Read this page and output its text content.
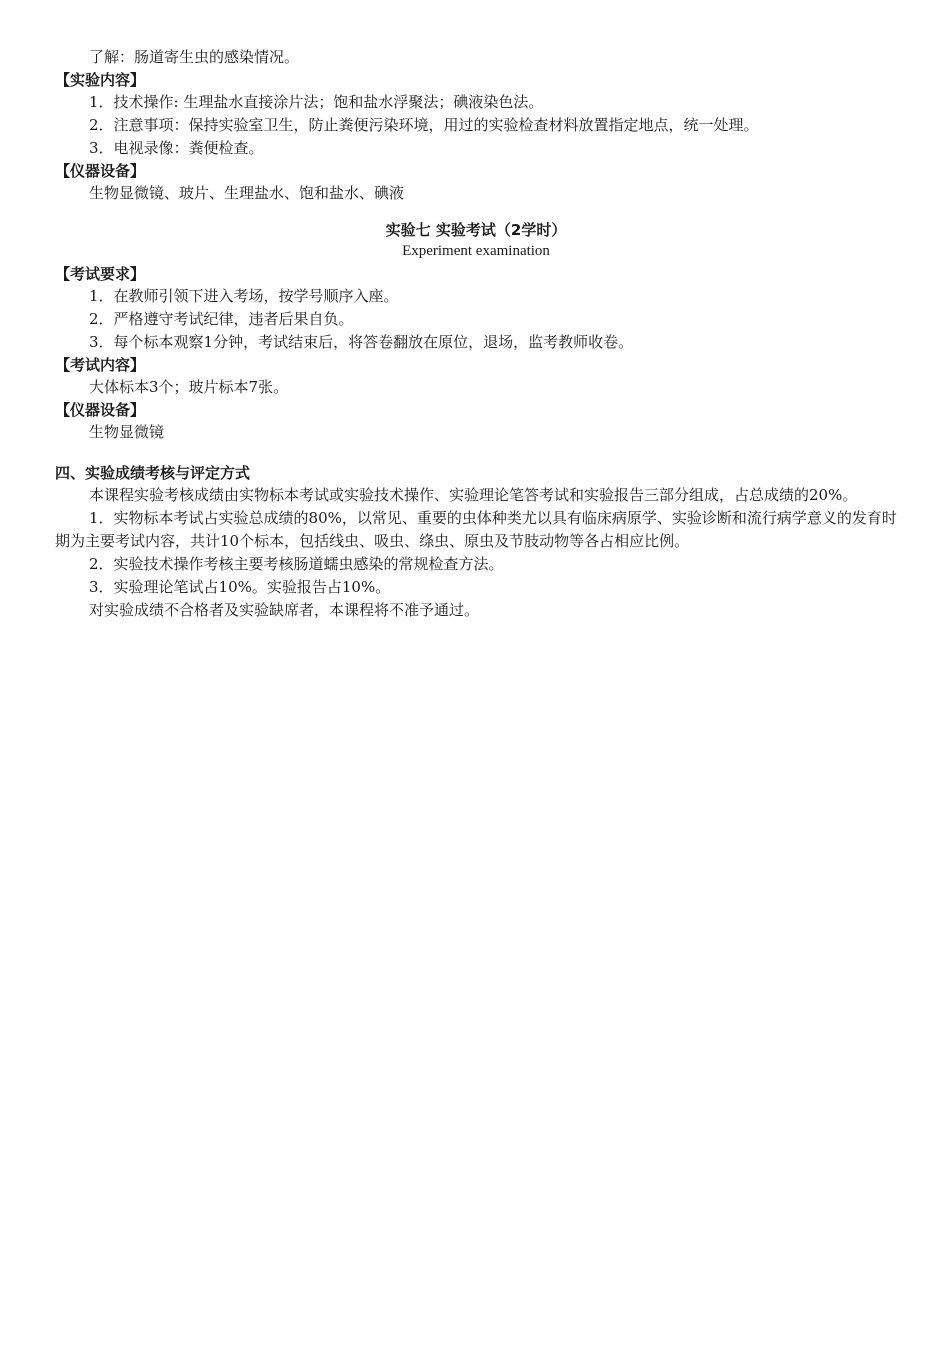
了解：肠道寄生虫的感染情况。
【实验内容】
1．技术操作: 生理盐水直接涂片法；饱和盐水浮聚法；碘液染色法。
2．注意事项：保持实验室卫生，防止粪便污染环境，用过的实验检查材料放置指定地点，统一处理。
3．电视录像：粪便检查。
【仪器设备】
生物显微镜、玻片、生理盐水、饱和盐水、碘液
实验七 实验考试（2学时）
Experiment examination
【考试要求】
1．在教师引领下进入考场，按学号顺序入座。
2．严格遵守考试纪律，违者后果自负。
3．每个标本观察1分钟，考试结束后，将答卷翻放在原位，退场，监考教师收卷。
【考试内容】
大体标本3个；玻片标本7张。
【仪器设备】
生物显微镜
四、实验成绩考核与评定方式
本课程实验考核成绩由实物标本考试或实验技术操作、实验理论笔答考试和实验报告三部分组成，占总成绩的20%。
1．实物标本考试占实验总成绩的80%，以常见、重要的虫体种类尤以具有临床病原学、实验诊断和流行病学意义的发育时期为主要考试内容，共计10个标本，包括线虫、吸虫、绦虫、原虫及节肢动物等各占相应比例。
2．实验技术操作考核主要考核肠道蠕虫感染的常规检查方法。
3．实验理论笔试占10%。实验报告占10%。
对实验成绩不合格者及实验缺席者，本课程将不准予通过。
